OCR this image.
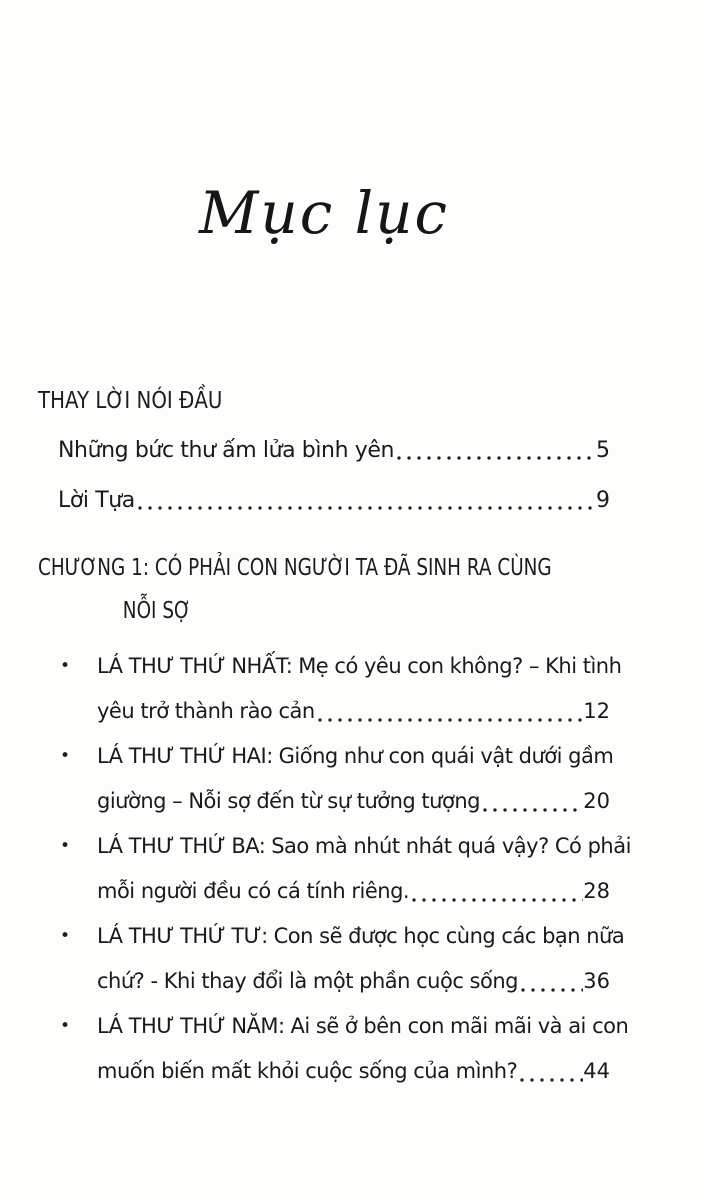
Mục lục
THAY LỜI NÓI ĐẦU
Những bức thư ấm lửa bình yên	5
Lời Tựa	9
CHƯƠNG 1: CÓ PHẢI CON NGƯỜI TA ĐÃ SINH RA CÙNG
NỖI SỢ
• LÁ THƯ THỨ NHẤT: Mẹ có yêu con không? – Khi tình
yêu trở thành rào cản	12
• LÁ THƯ THỨ HAI: Giống như con quái vật dưới gầm
giường – Nỗi sợ đến từ sự tưởng tượng	20
• LÁ THƯ THỨ BA: Sao mà nhút nhát quá vậy? Có phải
mỗi người đều có cá tính riêng.	28
• LÁ THƯ THỨ TƯ: Con sẽ được học cùng các bạn nữa
chứ? - Khi thay đổi là một phần cuộc sống	36
• LÁ THƯ THỨ NĂM: Ai sẽ ở bên con mãi mãi và ai con
muốn biến mất khỏi cuộc sống của mình?	44
